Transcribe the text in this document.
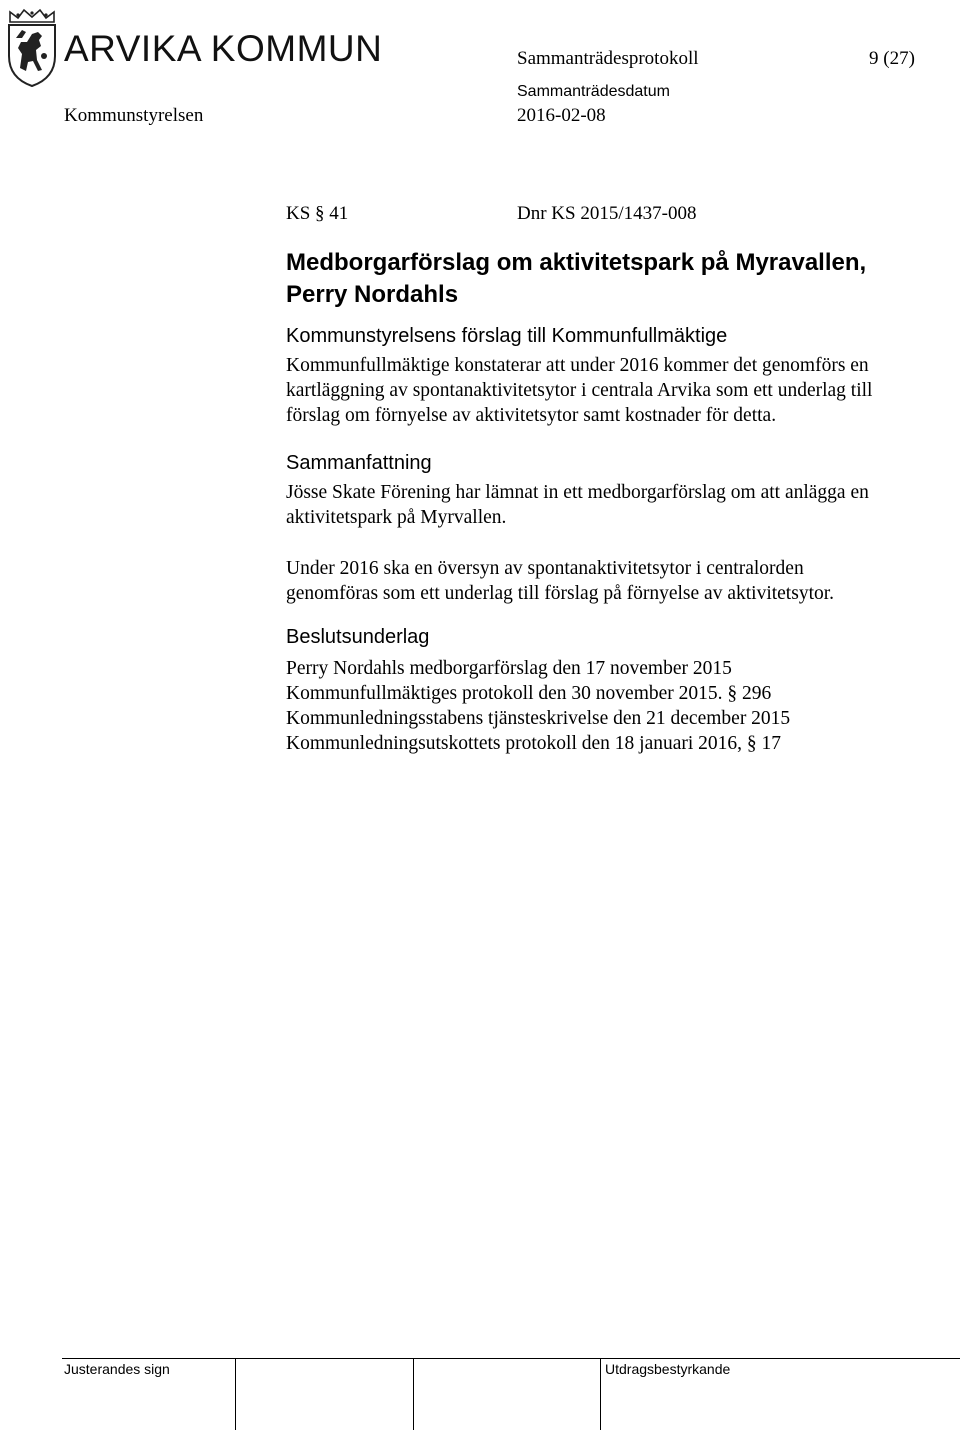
ARVIKA KOMMUN	Sammanträdesprotokoll	9 (27)
Kommunstyrelsen
Sammanträdesdatum
2016-02-08
KS § 41	Dnr KS 2015/1437-008
Medborgarförslag om aktivitetspark på Myravallen,
Perry Nordahls
Kommunstyrelsens förslag till Kommunfullmäktige
Kommunfullmäktige konstaterar att under 2016 kommer det genomförs en
kartläggning av spontanaktivitetsytor i centrala Arvika som ett underlag till
förslag om förnyelse av aktivitetsytor samt kostnader för detta.
Sammanfattning
Jösse Skate Förening har lämnat in ett medborgarförslag om att anlägga en
aktivitetspark på Myrvallen.
Under 2016 ska en översyn av spontanaktivitetsytor i centralorden
genomföras som ett underlag till förslag på förnyelse av aktivitetsytor.
Beslutsunderlag
Perry Nordahls medborgarförslag den 17 november 2015
Kommunfullmäktiges protokoll den 30 november 2015. § 296
Kommunledningsstabens tjänsteskrivelse den 21 december 2015
Kommunledningsutskottets protokoll den 18 januari 2016, § 17
Justerandes sign	Utdragsbestyrkande
